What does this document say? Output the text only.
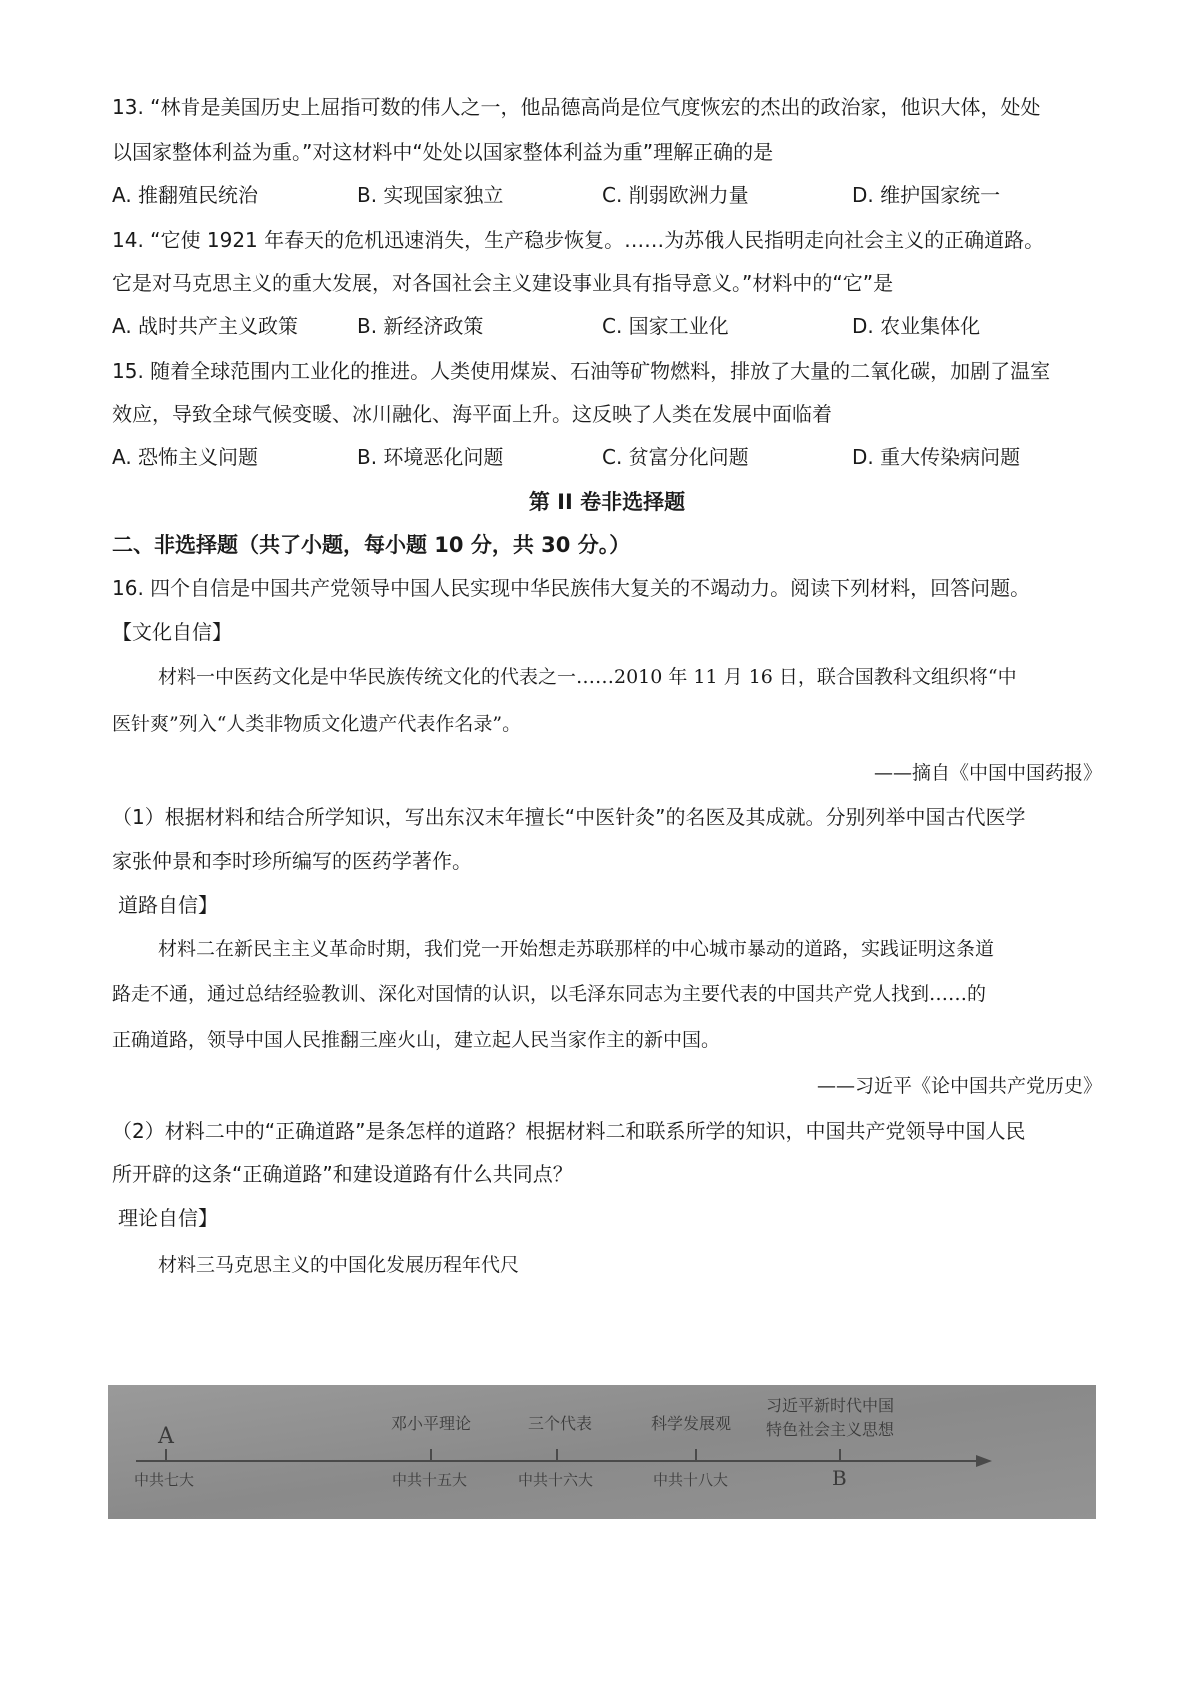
13. “林肯是美国历史上屈指可数的伟人之一，他品德高尚是位气度恢宏的杰出的政治家，他识大体，处处
以国家整体利益为重。”对这材料中“处处以国家整体利益为重”理解正确的是
A. 推翻殖民统治	B. 实现国家独立	C. 削弱欧洲力量	D. 维护国家统一
14. “它使 1921 年春天的危机迅速消失，生产稳步恢复。……为苏俄人民指明走向社会主义的正确道路。
它是对马克思主义的重大发展，对各国社会主义建设事业具有指导意义。”材料中的“它”是
A. 战时共产主义政策	B. 新经济政策	C. 国家工业化	D. 农业集体化
15. 随着全球范围内工业化的推进。人类使用煤炭、石油等矿物燃料，排放了大量的二氧化碳，加剧了温室
效应，导致全球气候变暖、冰川融化、海平面上升。这反映了人类在发展中面临着
A. 恐怖主义问题	B. 环境恶化问题	C. 贫富分化问题	D. 重大传染病问题
第 II 卷非选择题
二、非选择题（共了小题，每小题 10 分，共 30 分。）
16. 四个自信是中国共产党领导中国人民实现中华民族伟大复关的不竭动力。阅读下列材料，回答问题。
【文化自信】
材料一中医药文化是中华民族传统文化的代表之一……2010 年 11 月 16 日，联合国教科文组织将“中
医针爽”列入“人类非物质文化遗产代表作名录”。
——摘自《中国中国药报》
（1）根据材料和结合所学知识，写出东汉末年擅长“中医针灸”的名医及其成就。分别列举中国古代医学
家张仲景和李时珍所编写的医药学著作。
道路自信】
材料二在新民主主义革命时期，我们党一开始想走苏联那样的中心城市暴动的道路，实践证明这条道
路走不通，通过总结经验教训、深化对国情的认识，以毛泽东同志为主要代表的中国共产党人找到……的
正确道路，领导中国人民推翻三座火山，建立起人民当家作主的新中国。
——习近平《论中国共产党历史》
（2）材料二中的“正确道路”是条怎样的道路？根据材料二和联系所学的知识，中国共产党领导中国人民
所开辟的这条“正确道路”和建设道路有什么共同点？
理论自信】
材料三马克思主义的中国化发展历程年代尺
A
邓小平理论	三个代表	科学发展观
习近平新时代中国
特色社会主义思想
中共七大	中共十五大	中共十六大	中共十八大	B
